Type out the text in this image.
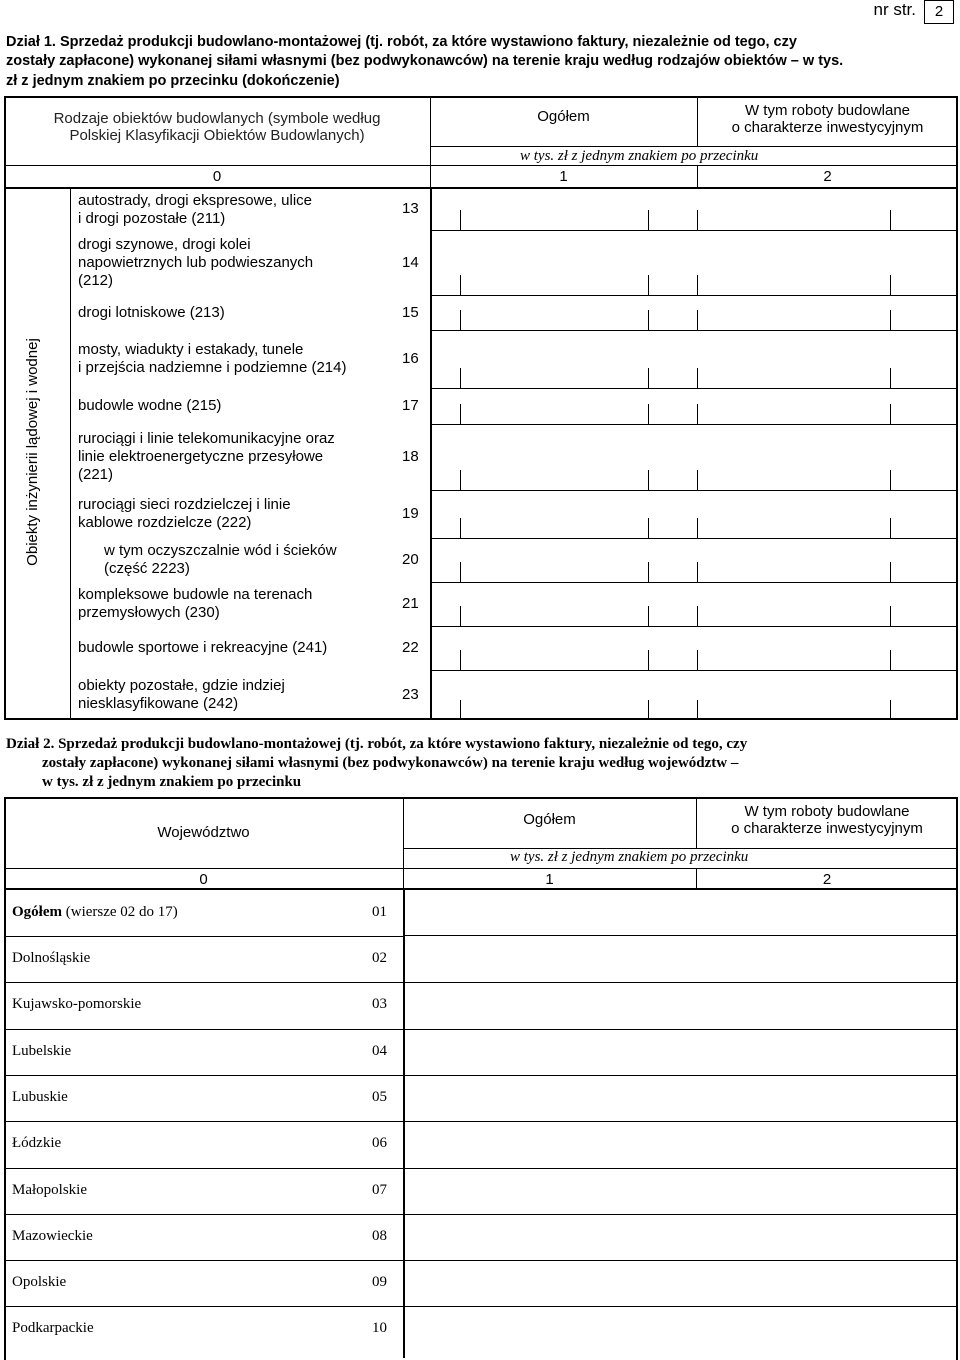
nr str. 2
Dział 1. Sprzedaż produkcji budowlano-montażowej (tj. robót, za które wystawiono faktury, niezależnie od tego, czy
zostały zapłacone) wykonanej siłami własnymi (bez podwykonawców) na terenie kraju według rodzajów obiektów – w tys.
zł z jednym znakiem po przecinku (dokończenie)
Rodzaje obiektów budowlanych (symbole według
Polskiej Klasyfikacji Obiektów Budowlanych)
Ogółem	W tym roboty budowlane
o charakterze inwestycyjnym
w tys. zł z jednym znakiem po przecinku
0	1	2
Obiekty inżynierii lądowej i wodnej
autostrady, drogi ekspresowe, ulice
i drogi pozostałe (211)
13
drogi szynowe, drogi kolei
napowietrznych lub podwieszanych
(212)
14
drogi lotniskowe (213)	15
mosty, wiadukty i estakady, tunele
i przejścia nadziemne i podziemne (214)
16
budowle wodne (215)	17
rurociągi i linie telekomunikacyjne oraz
linie elektroenergetyczne przesyłowe
(221)
18
rurociągi sieci rozdzielczej i linie
kablowe rozdzielcze (222)
19
w tym oczyszczalnie wód i ścieków
(część 2223)
20
kompleksowe budowle na terenach
przemysłowych (230)
21
budowle sportowe i rekreacyjne (241)	22
obiekty pozostałe, gdzie indziej
niesklasyfikowane (242)
23
Dział 2. Sprzedaż produkcji budowlano-montażowej (tj. robót, za które wystawiono faktury, niezależnie od tego, czy
zostały zapłacone) wykonanej siłami własnymi (bez podwykonawców) na terenie kraju według województw –
w tys. zł z jednym znakiem po przecinku
Województwo
Ogółem	W tym roboty budowlane
o charakterze inwestycyjnym
w tys. zł z jednym znakiem po przecinku
0	1	2
Ogółem (wiersze 02 do 17)	01
Dolnośląskie	02
Kujawsko-pomorskie	03
Lubelskie	04
Lubuskie	05
Łódzkie	06
Małopolskie	07
Mazowieckie	08
Opolskie	09
Podkarpackie	10
